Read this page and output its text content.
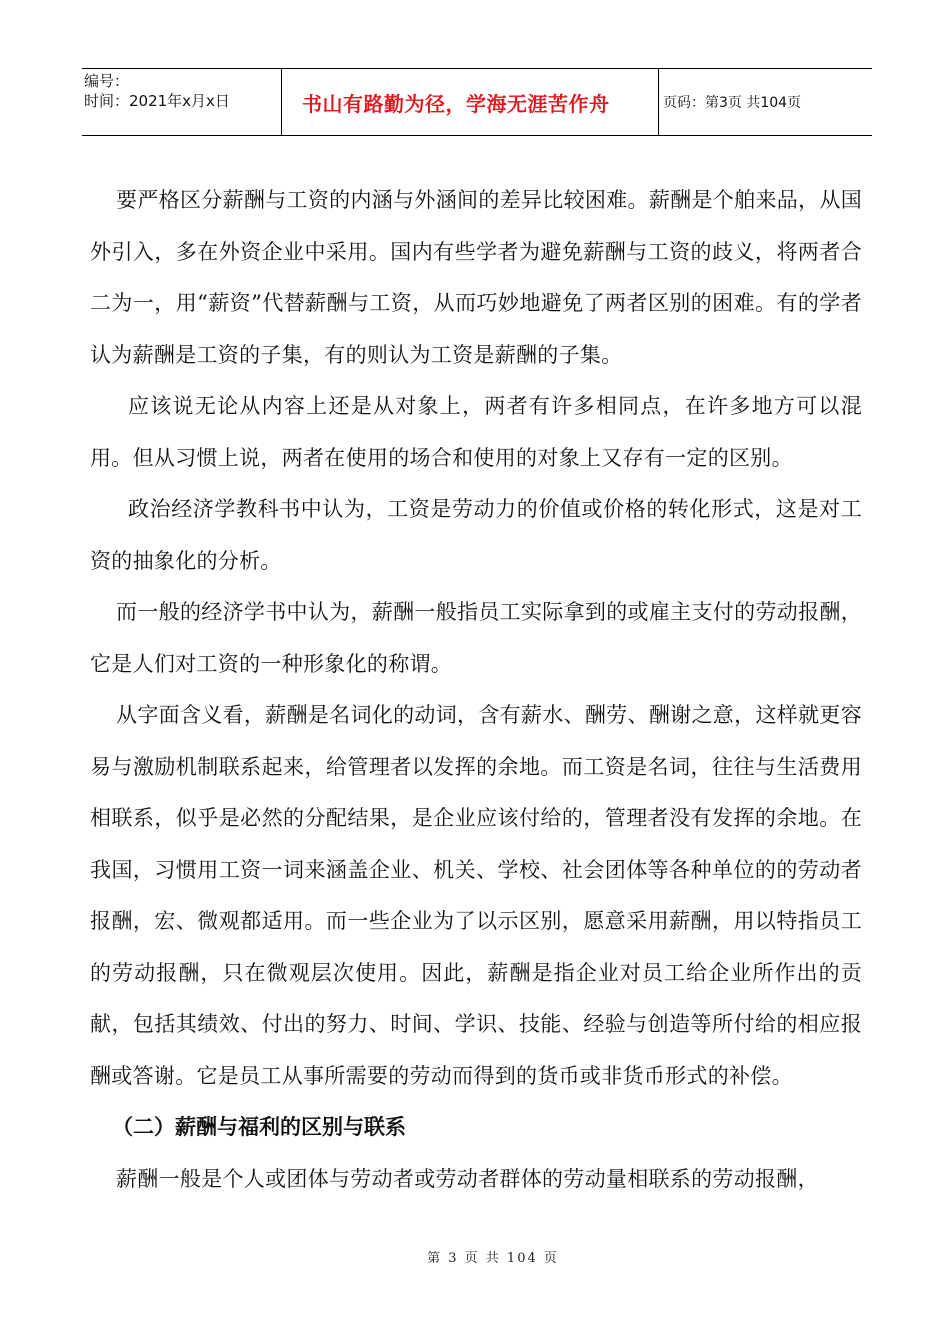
编号：
时间：2021年x月x日	书山有路勤为径，学海无涯苦作舟	页码：第3页 共104页

要严格区分薪酬与工资的内涵与外涵间的差异比较困难。薪酬是个舶来品，从国外引入，多在外资企业中采用。国内有些学者为避免薪酬与工资的歧义，将两者合二为一，用“薪资”代替薪酬与工资，从而巧妙地避免了两者区别的困难。有的学者认为薪酬是工资的子集，有的则认为工资是薪酬的子集。

应该说无论从内容上还是从对象上，两者有许多相同点，在许多地方可以混用。但从习惯上说，两者在使用的场合和使用的对象上又存有一定的区别。

政治经济学教科书中认为，工资是劳动力的价值或价格的转化形式，这是对工资的抽象化的分析。

而一般的经济学书中认为，薪酬一般指员工实际拿到的或雇主支付的劳动报酬，它是人们对工资的一种形象化的称谓。

从字面含义看，薪酬是名词化的动词，含有薪水、酬劳、酬谢之意，这样就更容易与激励机制联系起来，给管理者以发挥的余地。而工资是名词，往往与生活费用相联系，似乎是必然的分配结果，是企业应该付给的，管理者没有发挥的余地。在我国，习惯用工资一词来涵盖企业、机关、学校、社会团体等各种单位的的劳动者报酬，宏、微观都适用。而一些企业为了以示区别，愿意采用薪酬，用以特指员工的劳动报酬，只在微观层次使用。因此，薪酬是指企业对员工给企业所作出的贡献，包括其绩效、付出的努力、时间、学识、技能、经验与创造等所付给的相应报酬或答谢。它是员工从事所需要的劳动而得到的货币或非货币形式的补偿。

（二）薪酬与福利的区别与联系

薪酬一般是个人或团体与劳动者或劳动者群体的劳动量相联系的劳动报酬，

第 3 页 共 104 页
